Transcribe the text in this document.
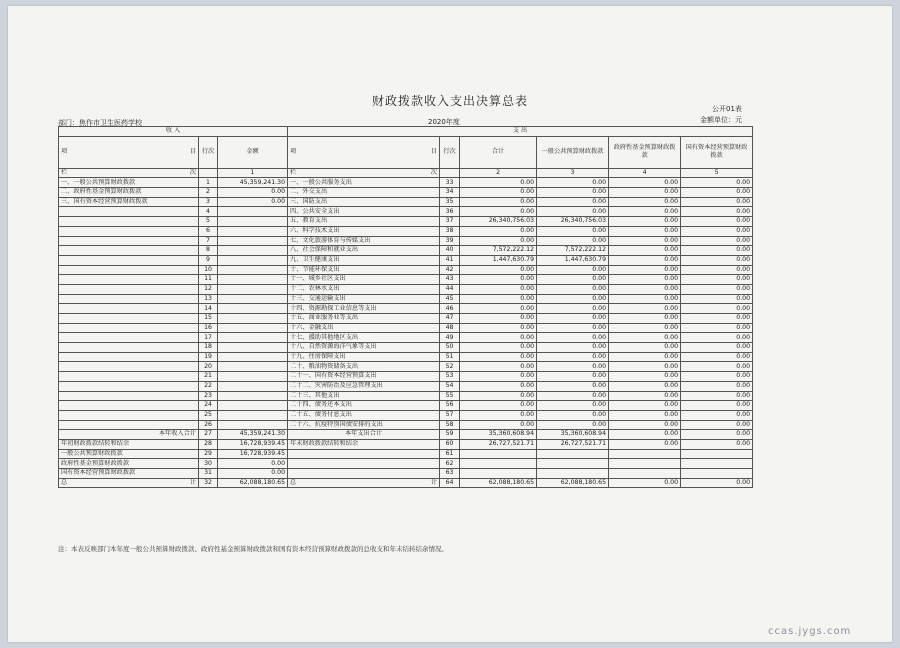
财政拨款收入支出决算总表
公开01表
金额单位：元
部门：焦作市卫生医药学校	2020年度
收 入			支 出					

项 目	行次	金额	项 目	行次	合计	一般公共预算财政拨款	政府性基金预算财政拨款	国有资本经营预算财政拨款

栏 次		1	栏 次		2	3	4	5
一、一般公共预算财政拨款	1	45,359,241.30	一、一般公共服务支出	33	0.00	0.00	0.00	0.00
二、政府性基金预算财政拨款	2	0.00	二、外交支出	34	0.00	0.00	0.00	0.00
三、国有资本经营预算财政拨款	3	0.00	三、国防支出	35	0.00	0.00	0.00	0.00
	4		四、公共安全支出	36	0.00	0.00	0.00	0.00
	5		五、教育支出	37	26,340,756.03	26,340,756.03	0.00	0.00
	6		六、科学技术支出	38	0.00	0.00	0.00	0.00
	7		七、文化旅游体育与传媒支出	39	0.00	0.00	0.00	0.00
	8		八、社会保障和就业支出	40	7,572,222.12	7,572,222.12	0.00	0.00
	9		九、卫生健康支出	41	1,447,630.79	1,447,630.79	0.00	0.00
	10		十、节能环保支出	42	0.00	0.00	0.00	0.00
	11		十一、城乡社区支出	43	0.00	0.00	0.00	0.00
	12		十二、农林水支出	44	0.00	0.00	0.00	0.00
	13		十三、交通运输支出	45	0.00	0.00	0.00	0.00
	14		十四、资源勘探工业信息等支出	46	0.00	0.00	0.00	0.00
	15		十五、商业服务业等支出	47	0.00	0.00	0.00	0.00
	16		十六、金融支出	48	0.00	0.00	0.00	0.00
	17		十七、援助其他地区支出	49	0.00	0.00	0.00	0.00
	18		十八、自然资源海洋气象等支出	50	0.00	0.00	0.00	0.00
	19		十九、住房保障支出	51	0.00	0.00	0.00	0.00
	20		二十、粮油物资储备支出	52	0.00	0.00	0.00	0.00
	21		二十一、国有资本经营预算支出	53	0.00	0.00	0.00	0.00
	22		二十二、灾害防治及应急管理支出	54	0.00	0.00	0.00	0.00
	23		二十三、其他支出	55	0.00	0.00	0.00	0.00
	24		二十四、债务还本支出	56	0.00	0.00	0.00	0.00
	25		二十五、债务付息支出	57	0.00	0.00	0.00	0.00
	26		二十六、抗疫特别国债安排的支出	58	0.00	0.00	0.00	0.00
本年收入合计	27	45,359,241.30	本年支出合计	59	35,360,608.94	35,360,608.94	0.00	0.00
年初财政拨款结转和结余	28	16,728,939.45	年末财政拨款结转和结余	60	26,727,521.71	26,727,521.71	0.00	0.00
一般公共预算财政拨款	29	16,728,939.45		61				
政府性基金预算财政拨款	30	0.00		62				
国有资本经营预算财政拨款	31	0.00		63				

总 计	32	62,088,180.65	总 计	64	62,088,180.65	62,088,180.65	0.00	0.00
注：本表反映部门本年度一般公共预算财政拨款、政府性基金预算财政拨款和国有资本经营预算财政拨款的总收支和年末结转结余情况。
ccas.jygs.com
